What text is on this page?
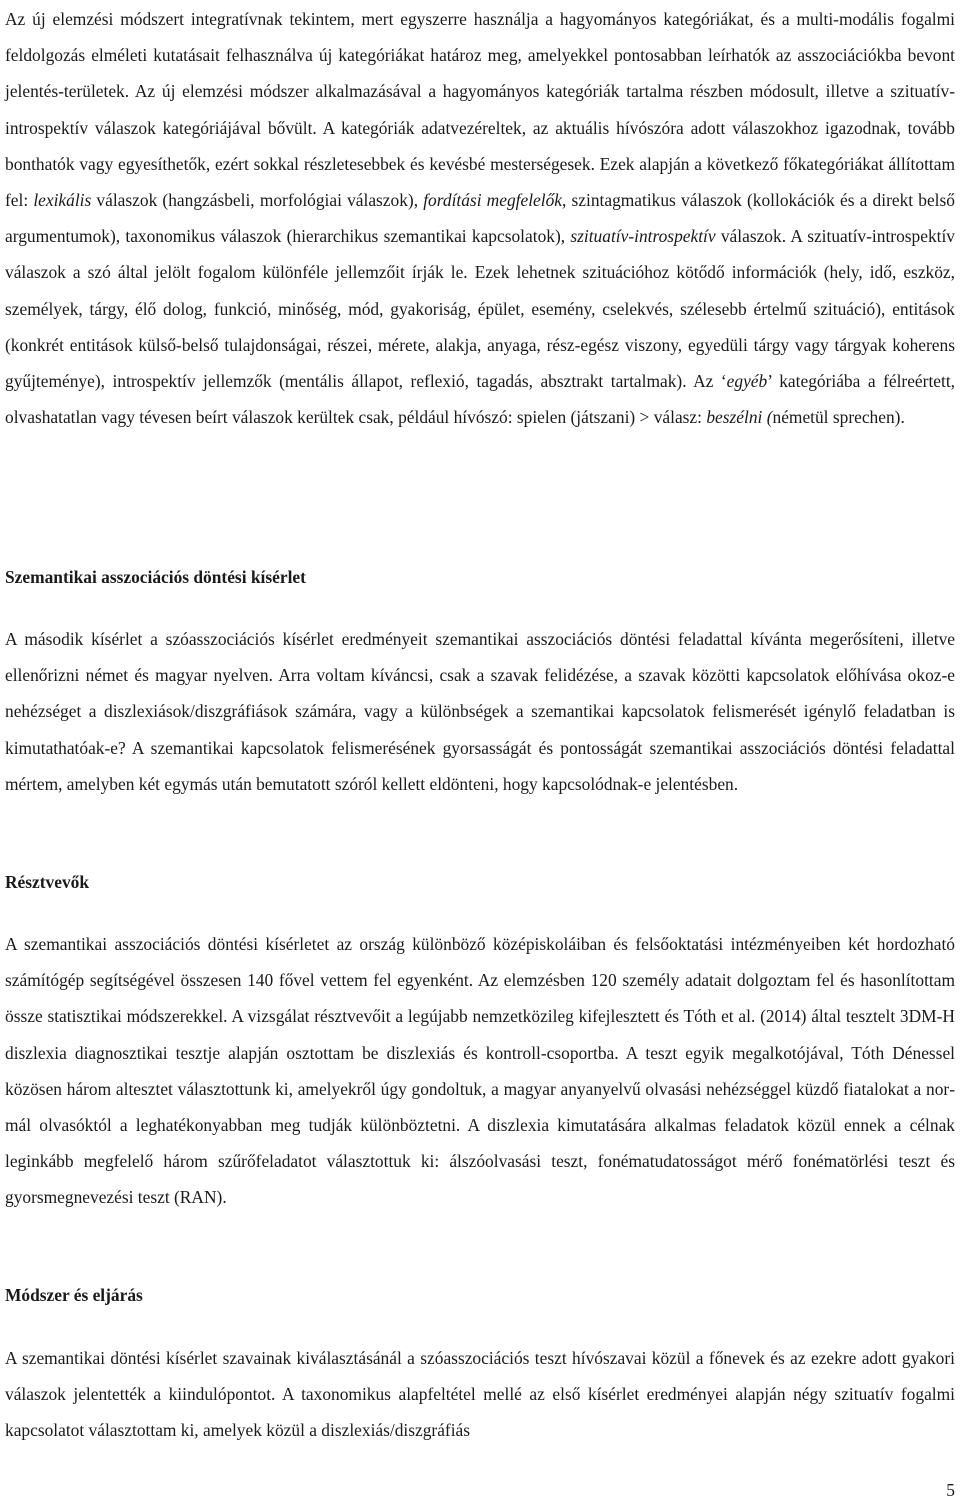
Az új elemzési módszert integratívnak tekintem, mert egyszerre használja a hagyományos kategóriákat, és a multi-modális fogalmi feldolgozás elméleti kutatásait felhasználva új kategóriákat határoz meg, amelyekkel pontosabban leírhatók az asszociációkba bevont jelentés-területek. Az új elemzési módszer alkalmazásával a hagyományos kategóriák tartalma részben módosult, illetve a szituatív-introspektív válaszok kategóriájával bővült. A kategóriák adatvezéreltek, az aktuális hívószóra adott válaszokhoz igazodnak, tovább bonthatók vagy egyesíthetők, ezért sokkal részletesebbek és kevésbé mesterségesek. Ezek alapján a következő főkategóriákat állítottam fel: lexikális válaszok (hangzásbeli, morfológiai válaszok), fordítási megfelelők, szintagmatikus válaszok (kollokációk és a direkt belső argumentumok), taxonomikus válaszok (hierarchikus szemantikai kapcsolatok), szituatív-introspektív válaszok. A szituatív-introspektív válaszok a szó által jelölt fogalom különféle jellemzőit írják le. Ezek lehetnek szituációhoz kötődő információk (hely, idő, eszköz, személyek, tárgy, élő dolog, funkció, minőség, mód, gyakoriság, épület, esemény, cselekvés, szélesebb értelmű szituáció), entitások (konkrét entitások külső-belső tulajdonságai, részei, mérete, alakja, anyaga, rész-egész viszony, egyedüli tárgy vagy tárgyak koherens gyűjteménye), introspektív jellemzők (mentális állapot, reflexió, tagadás, absztrakt tartalmak). Az ‘egyéb’ kategóriába a félreértett, olvashatatlan vagy tévesen beírt válaszok kerültek csak, például hívószó: spielen (játszani) > válasz: beszélni (németül sprechen).

Szemantikai asszociációs döntési kísérlet

A második kísérlet a szóasszociációs kísérlet eredményeit szemantikai asszociációs döntési feladattal kívánta megerősíteni, illetve ellenőrizni német és magyar nyelven. Arra voltam kíváncsi, csak a szavak felidézése, a szavak közötti kapcsolatok előhívása okoz-e nehézséget a diszlexiások/diszgráfiások számára, vagy a különbségek a szemantikai kapcsolatok felismerését igénylő feladatban is kimutathatóak-e? A szemantikai kapcsolatok felismerésének gyorsasságát és pontosságát szemantikai asszociációs döntési feladattal mértem, amelyben két egymás után bemutatott szóról kellett eldönteni, hogy kapcsolódnak-e jelentésben.

Résztvevők

A szemantikai asszociációs döntési kísérletet az ország különböző középiskoláiban és felsőoktatási intézményeiben két hordozható számítógép segítségével összesen 140 fővel vettem fel egyenként. Az elemzésben 120 személy adatait dolgoztam fel és hasonlítottam össze statisztikai módszerekkel. A vizsgálat résztvevőit a legújabb nemzetközileg kifejlesztett és Tóth et al. (2014) által tesztelt 3DM-H diszlexia diagnosztikai tesztje alapján osztottam be diszlexiás és kontroll-csoportba. A teszt egyik megalkotójával, Tóth Dénessel közösen három altesztet választottunk ki, amelyekről úgy gondoltuk, a magyar anyanyelvű olvasási nehézséggel küzdő fiatalokat a normál olvasóktól a leghatékonyabban meg tudják különböztetni. A diszlexia kimutatására alkalmas feladatok közül ennek a célnak leginkább megfelelő három szűrőfeladatot választottuk ki: álszóolvasási teszt, fonématudatosságot mérő fonématörlési teszt és gyorsmegnevezési teszt (RAN).

Módszer és eljárás

A szemantikai döntési kísérlet szavainak kiválasztásánál a szóasszociációs teszt hívószavai közül a főnevek és az ezekre adott gyakori válaszok jelentették a kiindulópontot. A taxonomikus alapfeltétel mellé az első kísérlet eredményei alapján négy szituatív fogalmi kapcsolatot választottam ki, amelyek közül a diszlexiás/diszgráfiás

5
